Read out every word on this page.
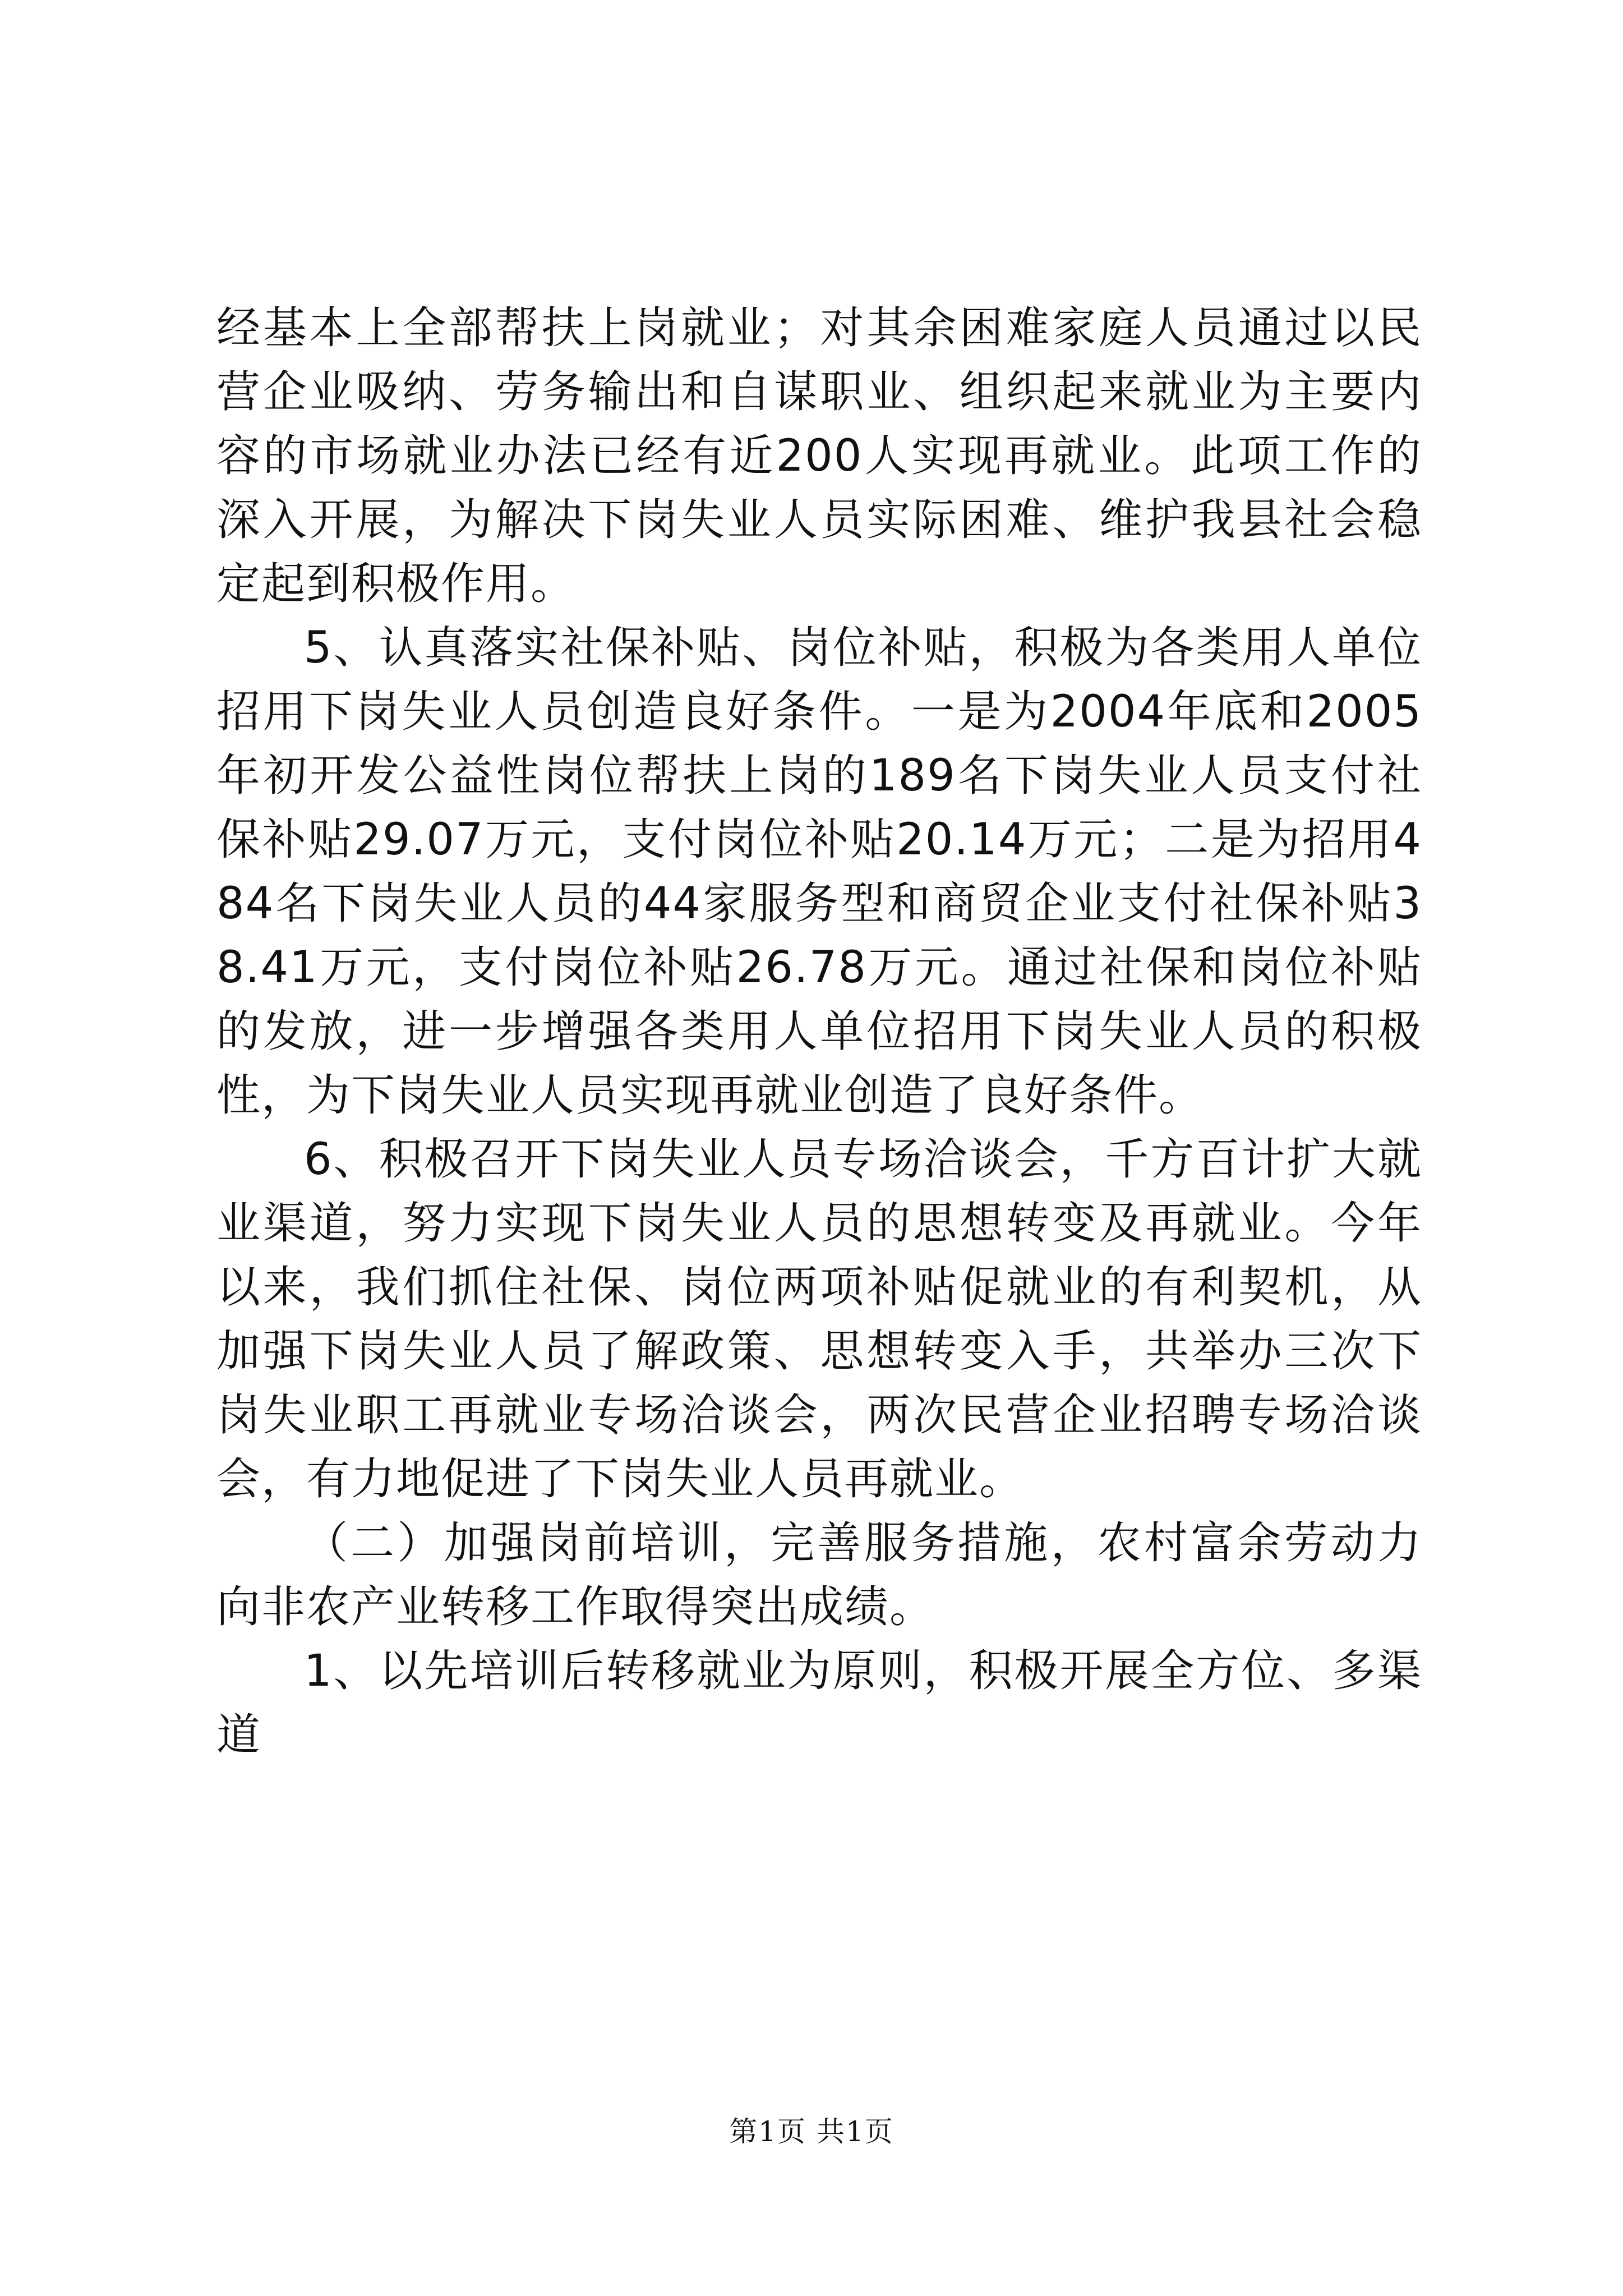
经基本上全部帮扶上岗就业；对其余困难家庭人员通过以民营企业吸纳、劳务输出和自谋职业、组织起来就业为主要内容的市场就业办法已经有近200人实现再就业。此项工作的深入开展，为解决下岗失业人员实际困难、维护我县社会稳定起到积极作用。

5、认真落实社保补贴、岗位补贴，积极为各类用人单位招用下岗失业人员创造良好条件。一是为2004年底和2005年初开发公益性岗位帮扶上岗的189名下岗失业人员支付社保补贴29.07万元，支付岗位补贴20.14万元；二是为招用484名下岗失业人员的44家服务型和商贸企业支付社保补贴38.41万元，支付岗位补贴26.78万元。通过社保和岗位补贴的发放，进一步增强各类用人单位招用下岗失业人员的积极性，为下岗失业人员实现再就业创造了良好条件。

6、积极召开下岗失业人员专场洽谈会，千方百计扩大就业渠道，努力实现下岗失业人员的思想转变及再就业。今年以来，我们抓住社保、岗位两项补贴促就业的有利契机，从加强下岗失业人员了解政策、思想转变入手，共举办三次下岗失业职工再就业专场洽谈会，两次民营企业招聘专场洽谈会，有力地促进了下岗失业人员再就业。

（二）加强岗前培训，完善服务措施，农村富余劳动力向非农产业转移工作取得突出成绩。

1、以先培训后转移就业为原则，积极开展全方位、多渠道

第1页 共1页
